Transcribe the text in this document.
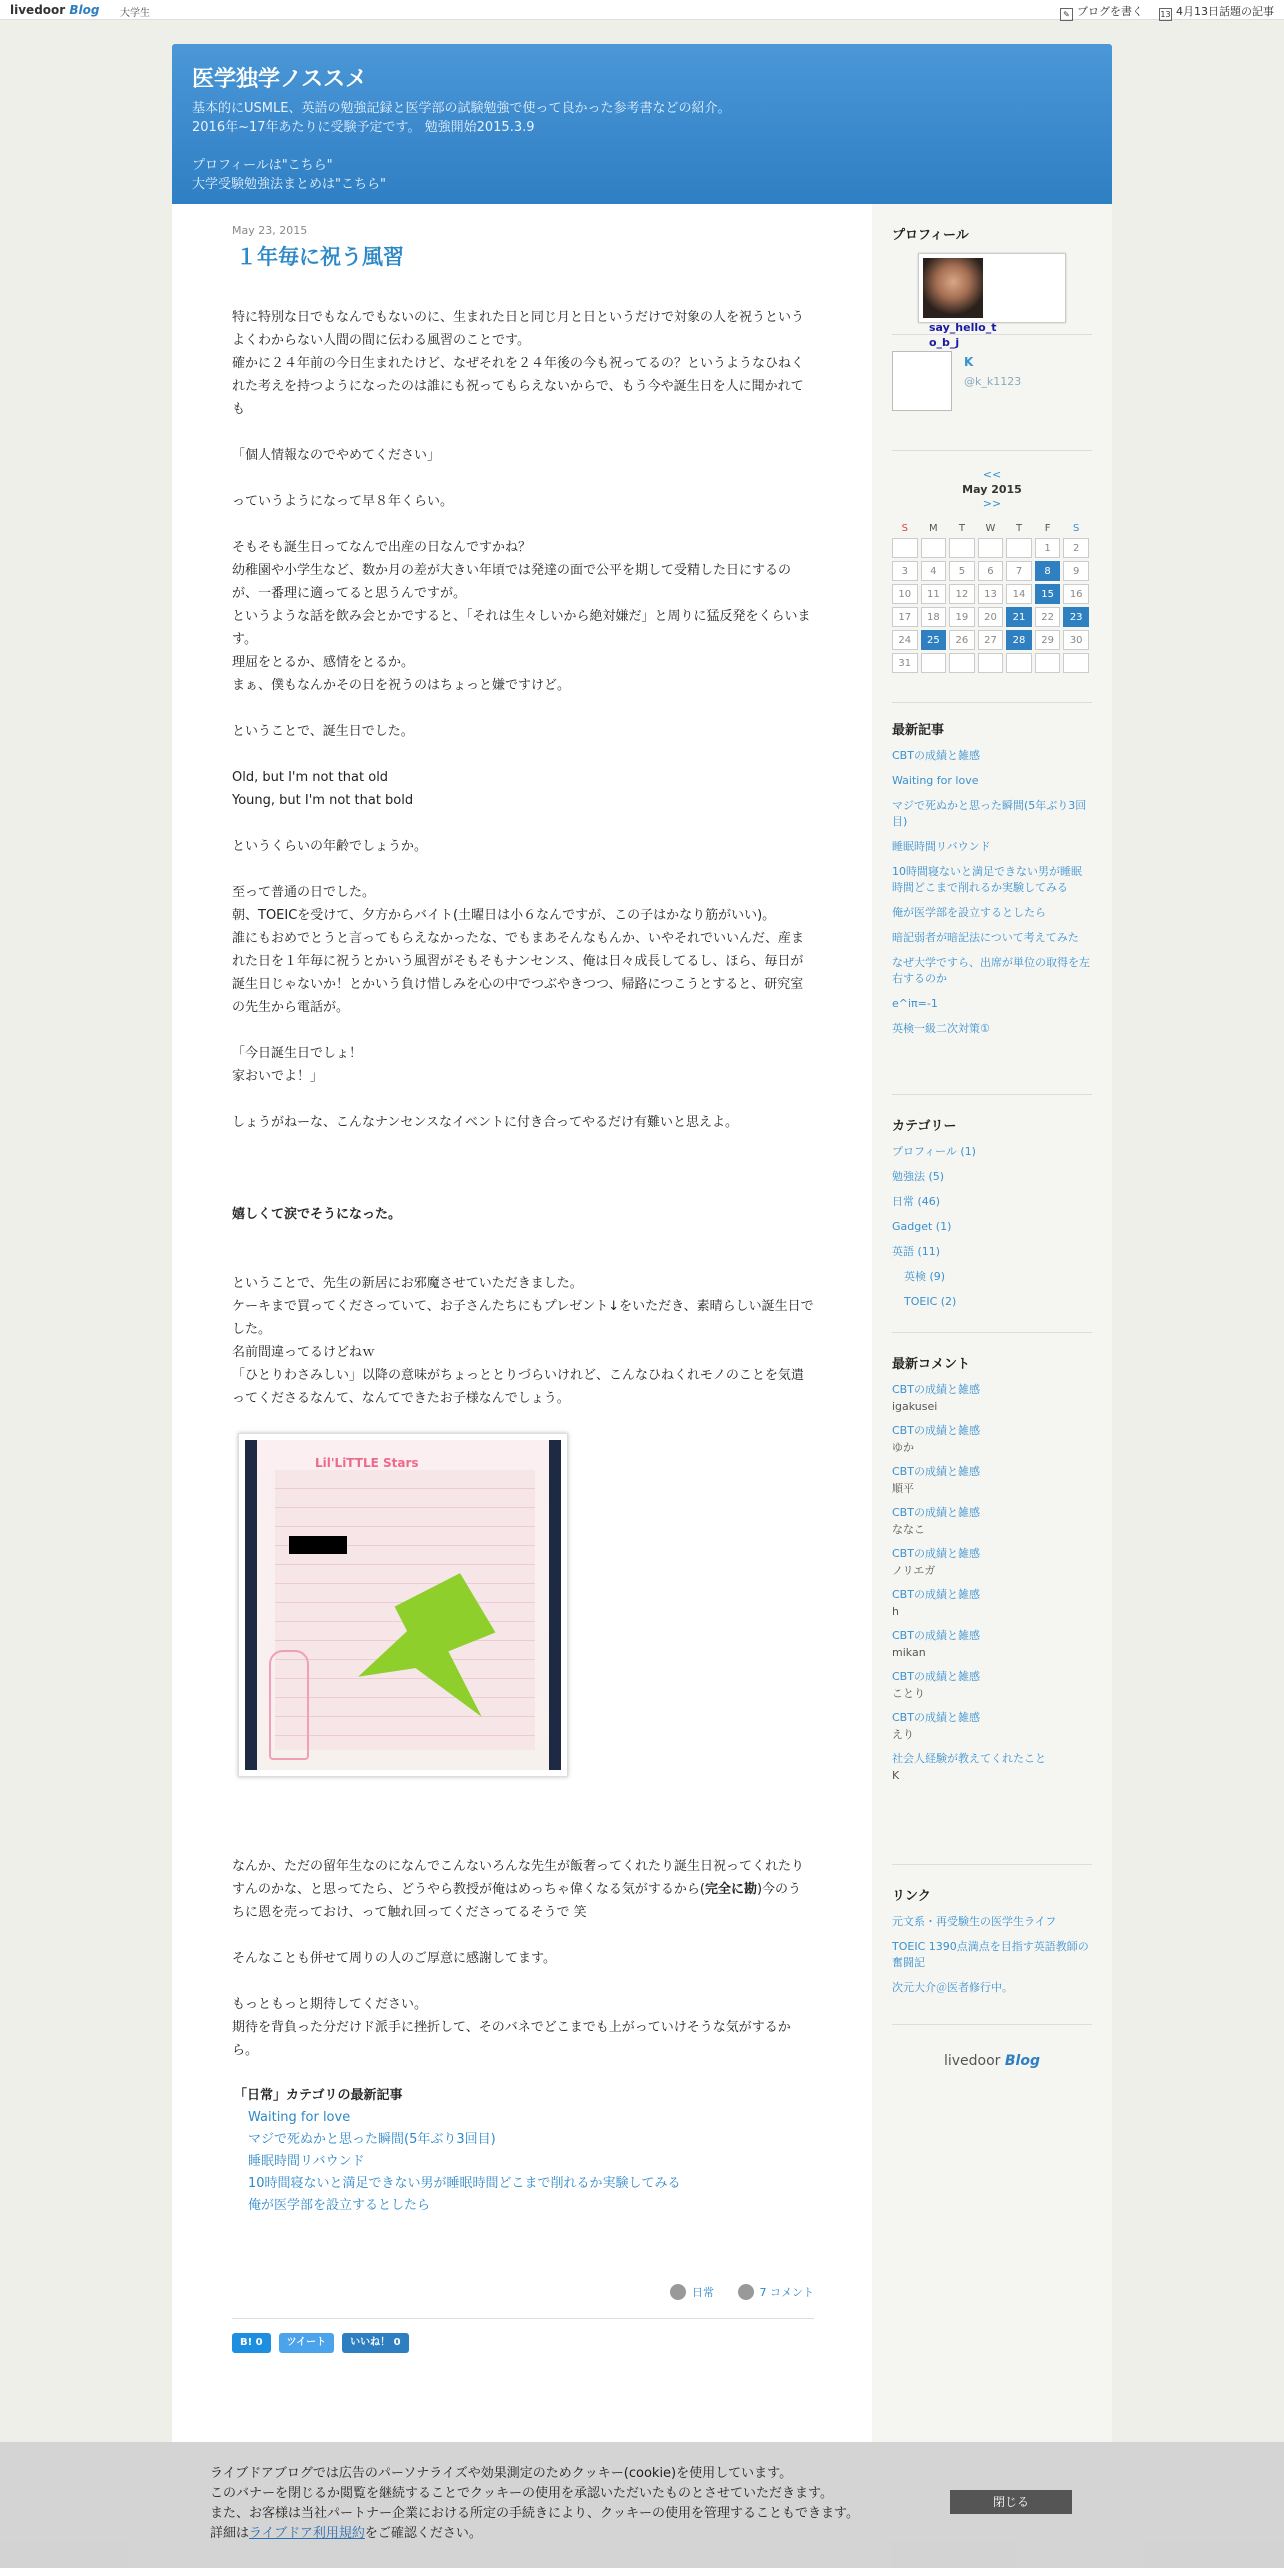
livedoor Blog 大学生	✎ ブログを書く 13 4月13日話題の記事
医学独学ノススメ
基本的にUSMLE、英語の勉強記録と医学部の試験勉強で使って良かった参考書などの紹介。
2016年~17年あたりに受験予定です。 勉強開始2015.3.9
プロフィールは"こちら"
大学受験勉強法まとめは"こちら"
May 23, 2015
１年毎に祝う風習

特に特別な日でもなんでもないのに、生まれた日と同じ月と日というだけで対象の人を祝うというよくわからない人間の間に伝わる風習のことです。
確かに２４年前の今日生まれたけど、なぜそれを２４年後の今も祝ってるの？というようなひねくれた考えを持つようになったのは誰にも祝ってもらえないからで、もう今や誕生日を人に聞かれても

「個人情報なのでやめてください」

っていうようになって早８年くらい。

そもそも誕生日ってなんで出産の日なんですかね？
幼稚園や小学生など、数か月の差が大きい年頃では発達の面で公平を期して受精した日にするのが、一番理に適ってると思うんですが。
というような話を飲み会とかですると、「それは生々しいから絶対嫌だ」と周りに猛反発をくらいます。
理屈をとるか、感情をとるか。
まぁ、僕もなんかその日を祝うのはちょっと嫌ですけど。

ということで、誕生日でした。

Old, but I'm not that old
Young, but I'm not that bold

というくらいの年齢でしょうか。

至って普通の日でした。
朝、TOEICを受けて、夕方からバイト(土曜日は小６なんですが、この子はかなり筋がいい)。
誰にもおめでとうと言ってもらえなかったな、でもまあそんなもんか、いやそれでいいんだ、産まれた日を１年毎に祝うとかいう風習がそもそもナンセンス、俺は日々成長してるし、ほら、毎日が誕生日じゃないか！とかいう負け惜しみを心の中でつぶやきつつ、帰路につこうとすると、研究室の先生から電話が。

「今日誕生日でしょ！
家おいでよ！」

しょうがねーな、こんなナンセンスなイベントに付き合ってやるだけ有難いと思えよ。

嬉しくて涙でそうになった。

ということで、先生の新居にお邪魔させていただきました。
ケーキまで買ってくださっていて、お子さんたちにもプレゼント↓をいただき、素晴らしい誕生日でした。
名前間違ってるけどねｗ
「ひとりわさみしい」以降の意味がちょっととりづらいけれど、こんなひねくれモノのことを気遣ってくださるなんて、なんてできたお子様なんでしょう。

Lil'LiTTLE Stars

なんか、ただの留年生なのになんでこんないろんな先生が飯奢ってくれたり誕生日祝ってくれたりすんのかな、と思ってたら、どうやら教授が俺はめっちゃ偉くなる気がするから(完全に勘)今のうちに恩を売っておけ、って触れ回ってくださってるそうで 笑

そんなことも併せて周りの人のご厚意に感謝してます。

もっともっと期待してください。
期待を背負った分だけド派手に挫折して、そのバネでどこまでも上がっていけそうな気がするから。

「日常」カテゴリの最新記事
Waiting for love
マジで死ぬかと思った瞬間(5年ぶり3回目)
睡眠時間リバウンド
10時間寝ないと満足できない男が睡眠時間どこまで削れるか実験してみる
俺が医学部を設立するとしたら
日常	7 コメント
B! 0	ツイート	いいね！ 0
プロフィール
say_hello_to_b_j
K
@k_k1123
<<
May 2015
>>
S	M	T	W	T	F	S
					1	2
3	4	5	6	7	8	9
10	11	12	13	14	15	16
17	18	19	20	21	22	23
24	25	26	27	28	29	30
31						
最新記事
CBTの成績と雑感
Waiting for love
マジで死ぬかと思った瞬間(5年ぶり3回目)
睡眠時間リバウンド
10時間寝ないと満足できない男が睡眠時間どこまで削れるか実験してみる
俺が医学部を設立するとしたら
暗記弱者が暗記法について考えてみた
なぜ大学ですら、出席が単位の取得を左右するのか
e^iπ=-1
英検一級二次対策①
カテゴリー
プロフィール (1)
勉強法 (5)
日常 (46)
Gadget (1)
英語 (11)
英検 (9)
TOEIC (2)
最新コメント
CBTの成績と雑感
igakusei
CBTの成績と雑感
ゆか
CBTの成績と雑感
順平
CBTの成績と雑感
ななこ
CBTの成績と雑感
ノリエガ
CBTの成績と雑感
h
CBTの成績と雑感
mikan
CBTの成績と雑感
ことり
CBTの成績と雑感
えり
社会人経験が教えてくれたこと
K
リンク
元文系・再受験生の医学生ライフ
TOEIC 1390点満点を目指す英語教師の奮闘記
次元大介＠医者修行中。
livedoor Blog
ライブドアブログでは広告のパーソナライズや効果測定のためクッキー(cookie)を使用しています。
このバナーを閉じるか閲覧を継続することでクッキーの使用を承認いただいたものとさせていただきます。
また、お客様は当社パートナー企業における所定の手続きにより、クッキーの使用を管理することもできます。
詳細はライブドア利用規約をご確認ください。
閉じる
